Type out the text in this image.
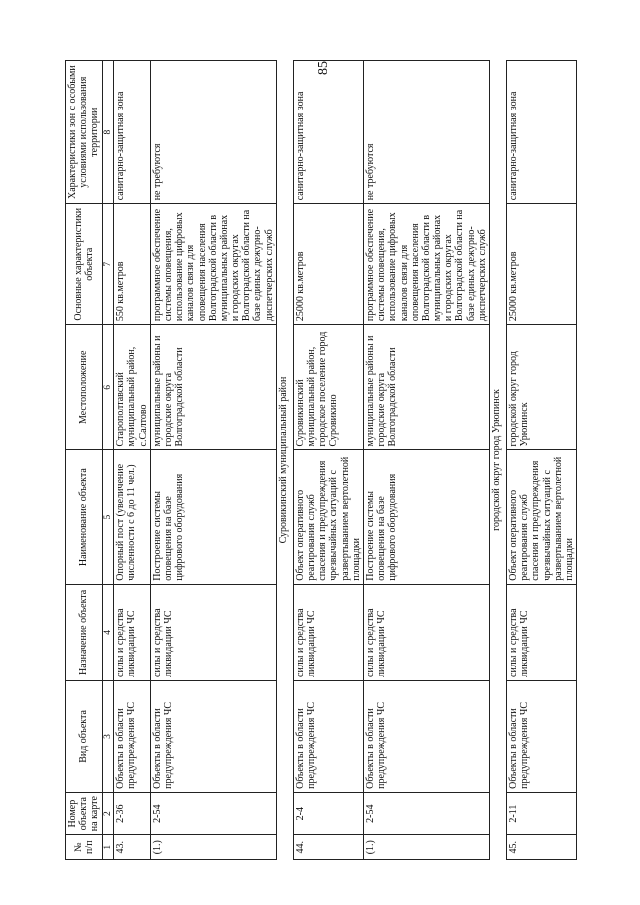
85
№ п/п	Номер объекта на карте	Вид объекта	Назначение объекта	Наименование объекта	Местоположение	Основные характеристики объекта	Характеристики зон с особыми условиями использования территории
1	2	3	4	5	6	7	8
43.	2-36	Объекты в области предупреждения ЧС	силы и средства ликвидации ЧС	Опорный пост (увеличение численности с 6 до 11 чел.)	Старополтавский муниципальный район, с.Салтово	550 кв.метров	санитарно-защитная зона
(1.)	2-54	Объекты в области предупреждения ЧС	силы и средства ликвидации ЧС	Построение системы оповещения на базе цифрового оборудования	муниципальные районы и городские округа Волгоградской области	программное обеспечение системы оповещения, использование цифровых каналов связи для оповещения населения Волгоградской области в муниципальных районах и городских округах Волгоградской области на базе единых дежурно-диспетчерских служб	не требуются
Суровикинский муниципальный район							
44.	2-4	Объекты в области предупреждения ЧС	силы и средства ликвидации ЧС	Объект оперативного реагирования служб спасения и предупреждения чрезвычайных ситуаций с развертыванием вертолетной площадки	Суровикинский муниципальный район, городское поселение город Суровикино	25000 кв.метров	санитарно-защитная зона
(1.)	2-54	Объекты в области предупреждения ЧС	силы и средства ликвидации ЧС	Построение системы оповещения на базе цифрового оборудования	муниципальные районы и городские округа Волгоградской области	программное обеспечение системы оповещения, использование цифровых каналов связи для оповещения населения Волгоградской области в муниципальных районах и городских округах Волгоградской области на базе единых дежурно-диспетчерских служб	не требуются
городской округ город Урюпинск							
45.	2-11	Объекты в области предупреждения ЧС	силы и средства ликвидации ЧС	Объект оперативного реагирования служб спасения и предупреждения чрезвычайных ситуаций с развертыванием вертолетной площадки	городской округ город Урюпинск	25000 кв.метров	санитарно-защитная зона
